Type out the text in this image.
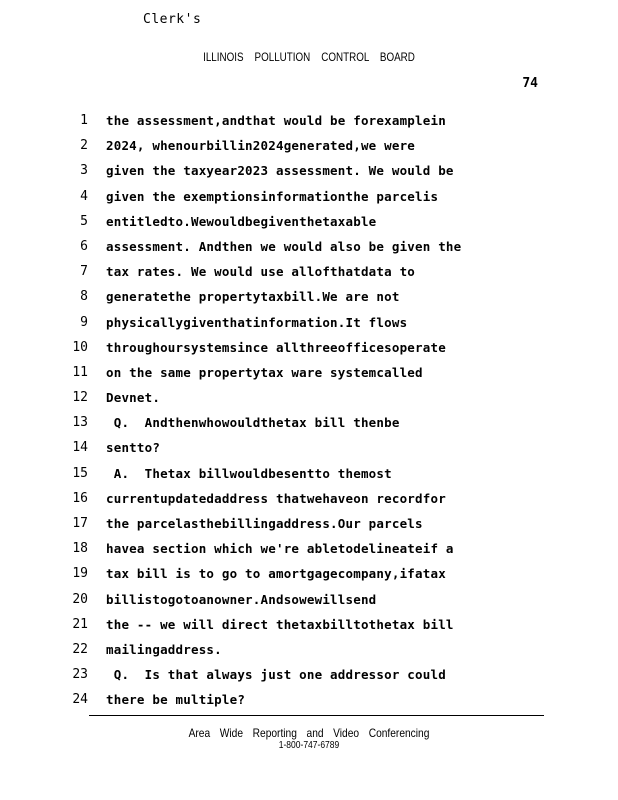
Clerk's
ILLINOIS POLLUTION CONTROL BOARD
74
1 the assessment,andthat would be forexamplein
2 2024, whenourbillin2024generated,we were
3 given the taxyear2023 assessment. We would be
4 given the exemptionsinformationthe parcelis
5 entitledto.Wewouldbegiventhetaxable
6 assessment. Andthen we would also be given the
7 tax rates. We would use allofthatdata to
8 generatethe propertytaxbill.We are not
9 physicallygiventhatinformation.It flows
10 throughoursystemsince allthreeofficesoperate
11 on the same propertytax ware systemcalled
12 Devnet.
13 Q.  Andthenwhowouldthetax bill thenbe
14 sentto?
15 A.  Thetax billwouldbesentto themost
16 currentupdatedaddress thatwehaveon recordfor
17 the parcelasthebillingaddress.Our parcels
18 havea section which we're abletodelineateif a
19 tax bill is to go to amortgagecompany,ifatax
20 billistogotoanowner.Andsowewillsend
21 the -- we will direct thetaxbilltothetax bill
22 mailingaddress.
23 Q.  Is that always just one addressor could
24 there be multiple?
Area Wide Reporting and Video Conferencing
1-800-747-6789
